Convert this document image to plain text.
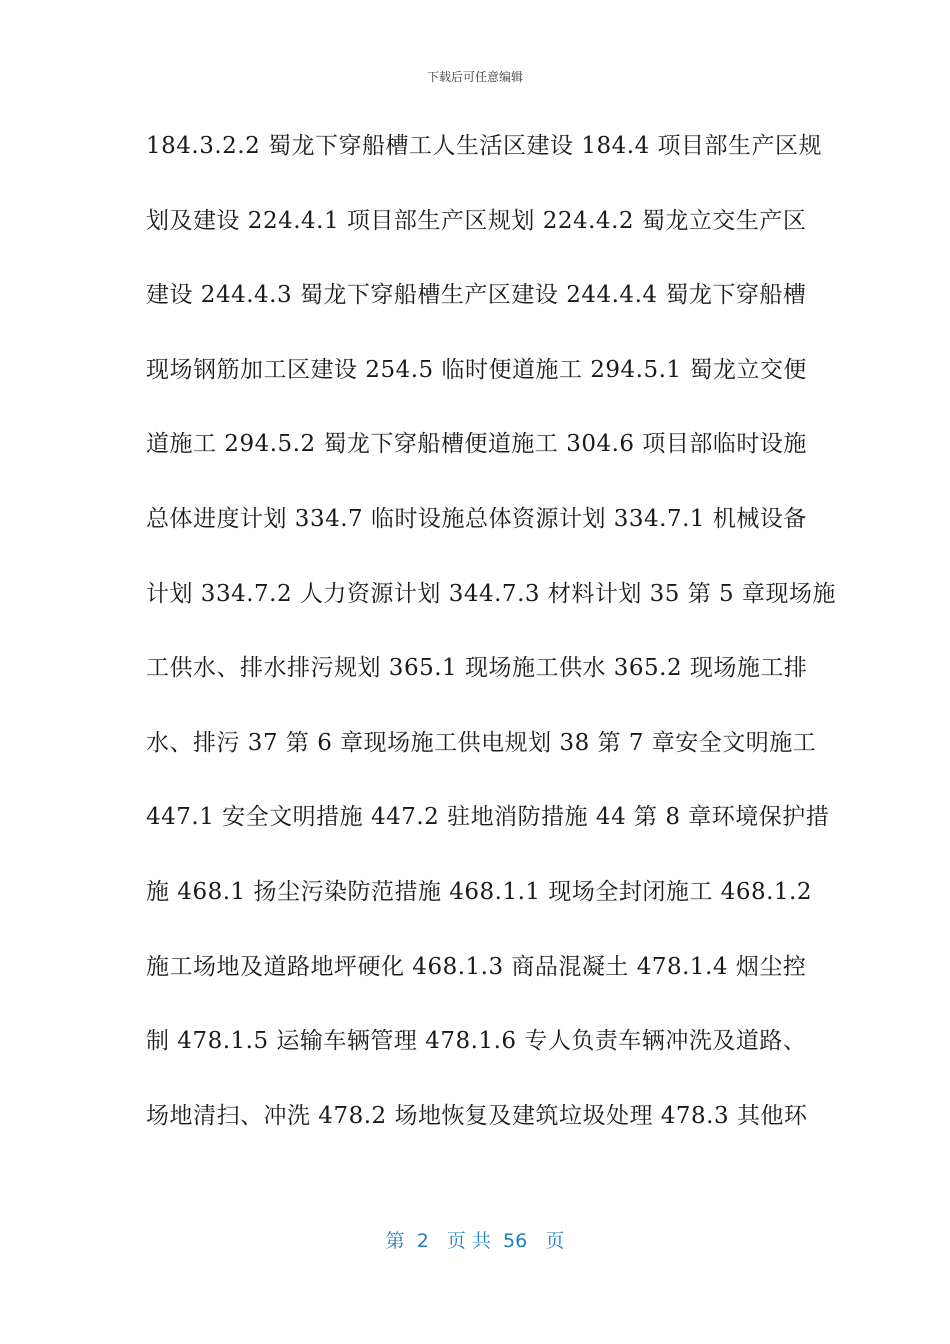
下载后可任意编辑
184.3.2.2 蜀龙下穿船槽工人生活区建设 184.4 项目部生产区规
划及建设 224.4.1 项目部生产区规划 224.4.2 蜀龙立交生产区
建设 244.4.3 蜀龙下穿船槽生产区建设 244.4.4 蜀龙下穿船槽
现场钢筋加工区建设 254.5 临时便道施工 294.5.1 蜀龙立交便
道施工 294.5.2 蜀龙下穿船槽便道施工 304.6 项目部临时设施
总体进度计划 334.7 临时设施总体资源计划 334.7.1 机械设备
计划 334.7.2 人力资源计划 344.7.3 材料计划 35 第 5 章现场施
工供水、排水排污规划 365.1 现场施工供水 365.2 现场施工排
水、排污 37 第 6 章现场施工供电规划 38 第 7 章安全文明施工
447.1 安全文明措施 447.2 驻地消防措施 44 第 8 章环境保护措
施 468.1 扬尘污染防范措施 468.1.1 现场全封闭施工 468.1.2
施工场地及道路地坪硬化 468.1.3 商品混凝土 478.1.4 烟尘控
制 478.1.5 运输车辆管理 478.1.6 专人负责车辆冲洗及道路、
场地清扫、冲洗 478.2 场地恢复及建筑垃圾处理 478.3 其他环
第  2   页 共  56   页
